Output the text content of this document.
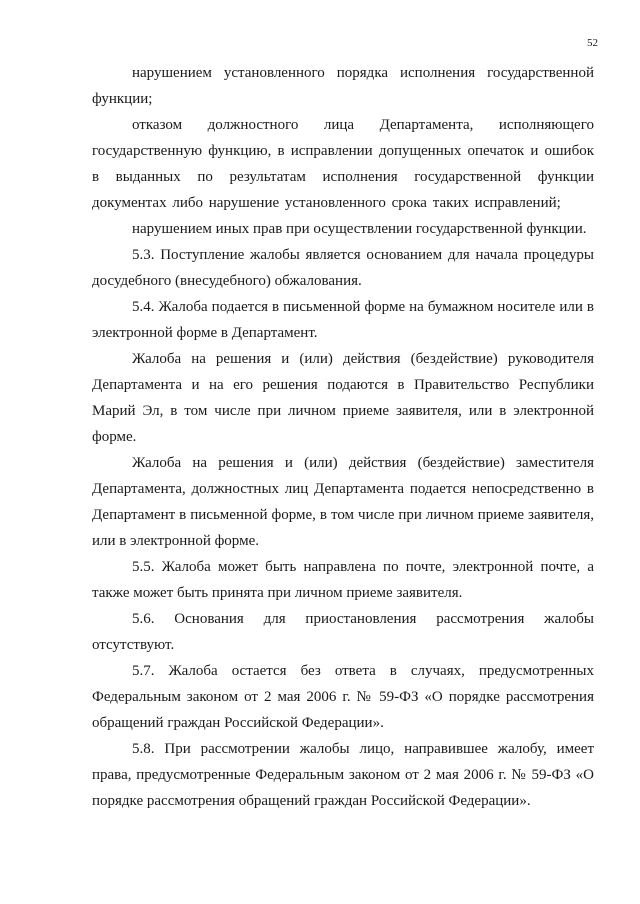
52

нарушением установленного порядка исполнения государственной функции;

отказом должностного лица Департамента, исполняющего государственную функцию, в исправлении допущенных опечаток и ошибок в выданных по результатам исполнения государственной функции документах либо нарушение установленного срока таких исправлений;

нарушением иных прав при осуществлении государственной функции.

5.3. Поступление жалобы является основанием для начала процедуры досудебного (внесудебного) обжалования.

5.4. Жалоба подается в письменной форме на бумажном носителе или в электронной форме в Департамент.

Жалоба на решения и (или) действия (бездействие) руководителя Департамента и на его решения подаются в Правительство Республики Марий Эл, в том числе при личном приеме заявителя, или в электронной форме.

Жалоба на решения и (или) действия (бездействие) заместителя Департамента, должностных лиц Департамента подается непосредственно в Департамент в письменной форме, в том числе при личном приеме заявителя, или в электронной форме.

5.5. Жалоба может быть направлена по почте, электронной почте, а также может быть принята при личном приеме заявителя.

5.6. Основания для приостановления рассмотрения жалобы отсутствуют.

5.7. Жалоба остается без ответа в случаях, предусмотренных Федеральным законом от 2 мая 2006 г. № 59-ФЗ «О порядке рассмотрения обращений граждан Российской Федерации».

5.8. При рассмотрении жалобы лицо, направившее жалобу, имеет права, предусмотренные Федеральным законом от 2 мая 2006 г. № 59-ФЗ «О порядке рассмотрения обращений граждан Российской Федерации».
